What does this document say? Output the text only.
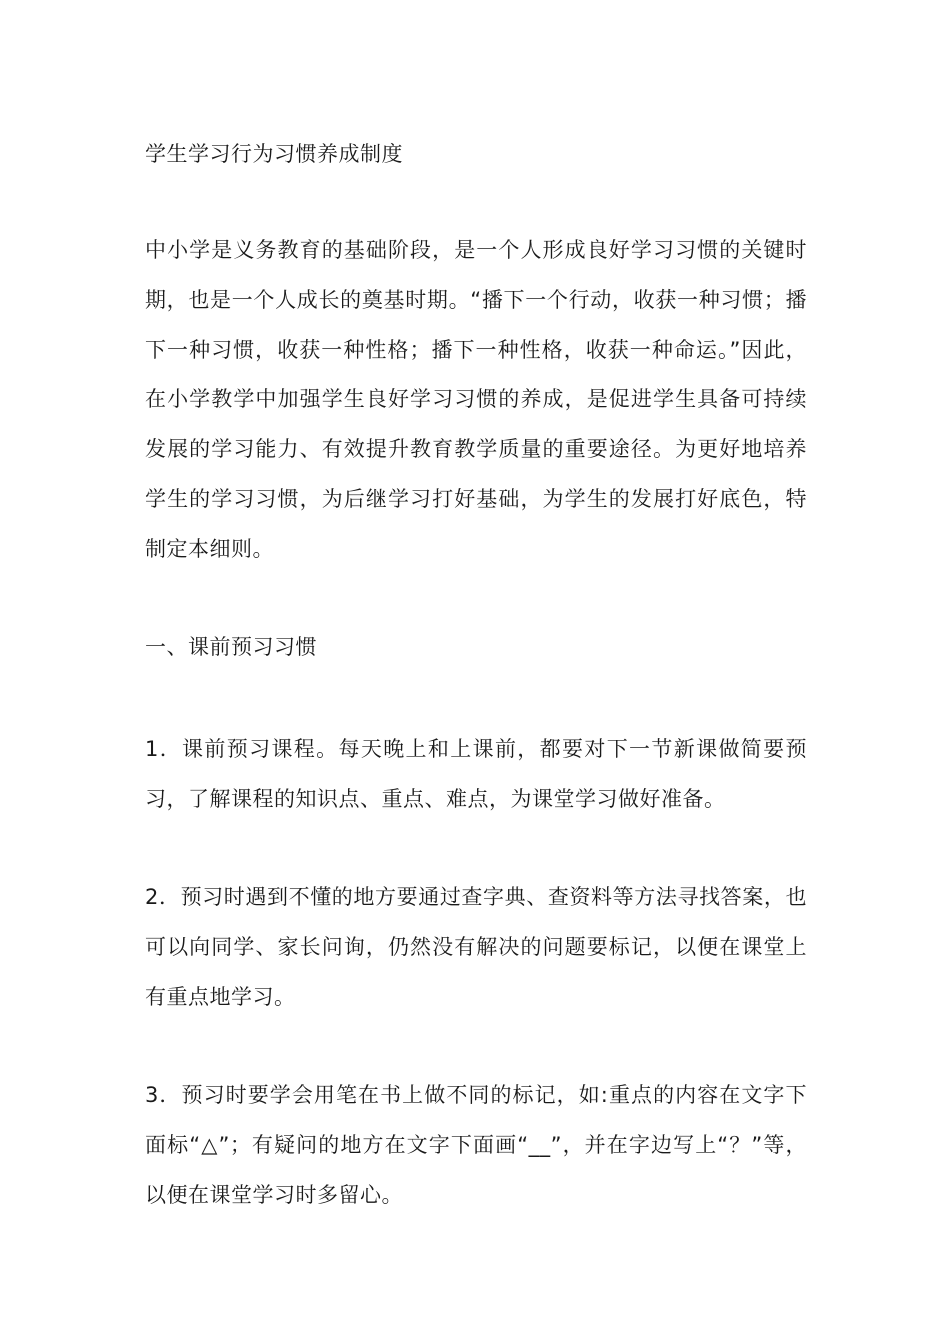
学生学习行为习惯养成制度

中小学是义务教育的基础阶段，是一个人形成良好学习习惯的关键时期，也是一个人成长的奠基时期。“播下一个行动，收获一种习惯；播下一种习惯，收获一种性格；播下一种性格，收获一种命运。”因此，在小学教学中加强学生良好学习习惯的养成，是促进学生具备可持续发展的学习能力、有效提升教育教学质量的重要途径。为更好地培养学生的学习习惯，为后继学习打好基础，为学生的发展打好底色，特制定本细则。

一、课前预习习惯

1．课前预习课程。每天晚上和上课前，都要对下一节新课做简要预习，了解课程的知识点、重点、难点，为课堂学习做好准备。

2．预习时遇到不懂的地方要通过查字典、查资料等方法寻找答案，也可以向同学、家长问询，仍然没有解决的问题要标记，以便在课堂上有重点地学习。

3．预习时要学会用笔在书上做不同的标记，如:重点的内容在文字下面标“△”；有疑问的地方在文字下面画“__”，并在字边写上“？”等，以便在课堂学习时多留心。
